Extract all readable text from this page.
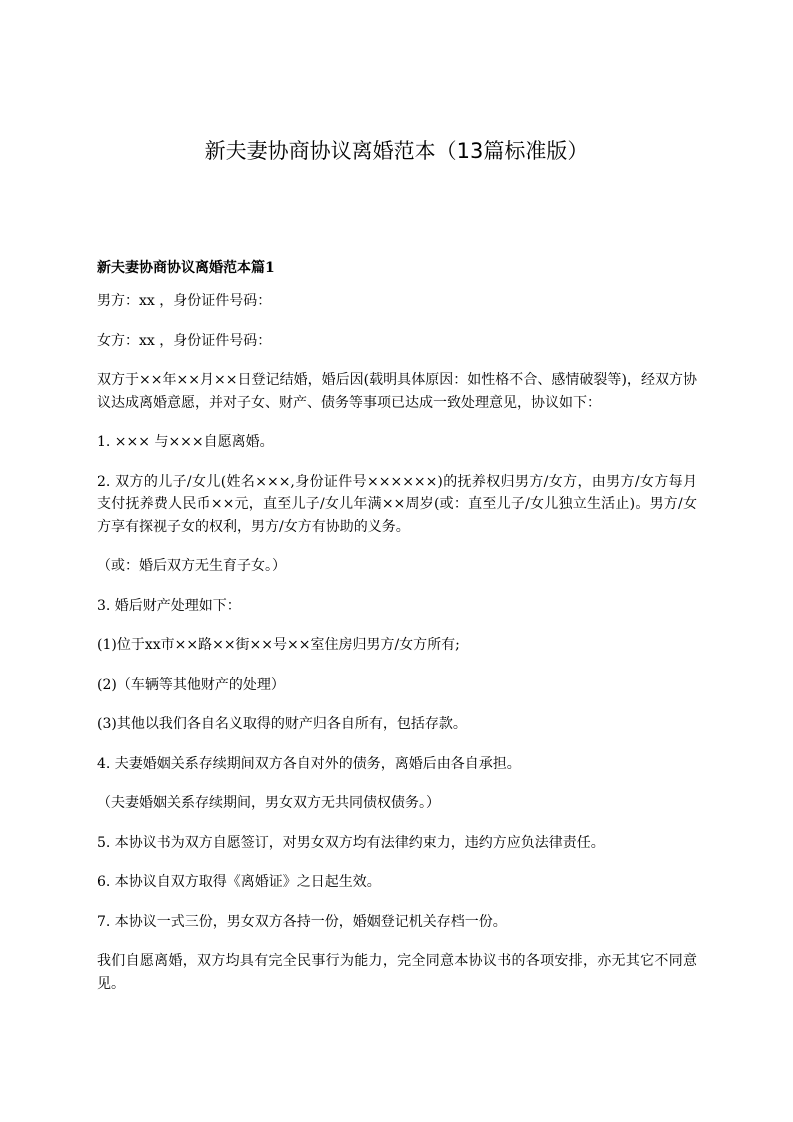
新夫妻协商协议离婚范本（13篇标准版）
新夫妻协商协议离婚范本篇1

男方：xx ，身份证件号码：

女方：xx ，身份证件号码：

双方于××年××月××日登记结婚，婚后因(载明具体原因：如性格不合、感情破裂等)，经双方协议达成离婚意愿，并对子女、财产、债务等事项已达成一致处理意见，协议如下：

1. ××× 与×××自愿离婚。

2. 双方的儿子/女儿(姓名×××,身份证件号××××××)的抚养权归男方/女方，由男方/女方每月支付抚养费人民币××元，直至儿子/女儿年满××周岁(或：直至儿子/女儿独立生活止)。男方/女方享有探视子女的权利，男方/女方有协助的义务。

（或：婚后双方无生育子女。）

3. 婚后财产处理如下：

(1)位于xx市××路××街××号××室住房归男方/女方所有;

(2)（车辆等其他财产的处理）

(3)其他以我们各自名义取得的财产归各自所有，包括存款。

4. 夫妻婚姻关系存续期间双方各自对外的债务，离婚后由各自承担。

（夫妻婚姻关系存续期间，男女双方无共同债权债务。）

5. 本协议书为双方自愿签订，对男女双方均有法律约束力，违约方应负法律责任。

6. 本协议自双方取得《离婚证》之日起生效。

7. 本协议一式三份，男女双方各持一份，婚姻登记机关存档一份。

我们自愿离婚，双方均具有完全民事行为能力，完全同意本协议书的各项安排，亦无其它不同意见。
